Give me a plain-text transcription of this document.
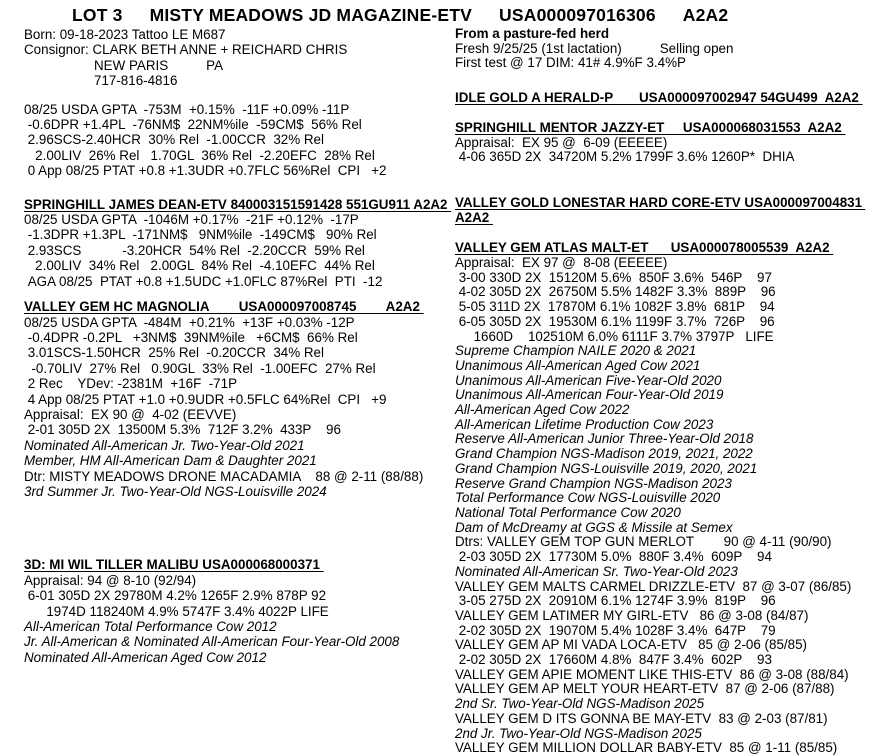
LOT 3 MISTY MEADOWS JD MAGAZINE-ETV USA000097016306 A2A2
Born: 09-18-2023 Tattoo LE M687
Consignor: CLARK BETH ANNE + REICHARD CHRIS
NEW PARIS	PA
717-816-4816
08/25 USDA GPTA  -753M  +0.15%  -11F +0.09% -11P
-0.6DPR +1.4PL  -76NM$  22NM%ile  -59CM$  56% Rel
2.96SCS-2.40HCR  30% Rel  -1.00CCR  32% Rel
2.00LIV  26% Rel   1.70GL  36% Rel  -2.20EFC  28% Rel
0 App 08/25 PTAT +0.8 +1.3UDR +0.7FLC 56%Rel  CPI   +2
SPRINGHILL JAMES DEAN-ETV 840003151591428 551GU911 A2A2
08/25 USDA GPTA  -1046M +0.17%  -21F +0.12%  -17P
-1.3DPR +1.3PL  -171NM$   9NM%ile  -149CM$   90% Rel
2.93SCS           -3.20HCR  54% Rel  -2.20CCR  59% Rel
2.00LIV  34% Rel   2.00GL  84% Rel  -4.10EFC  44% Rel
AGA 08/25  PTAT +0.8 +1.5UDC +1.0FLC 87%Rel  PTI  -12
VALLEY GEM HC MAGNOLIA        USA000097008745        A2A2
08/25 USDA GPTA  -484M  +0.21%  +13F +0.03% -12P
-0.4DPR -0.2PL   +3NM$  39NM%ile   +6CM$  66% Rel
3.01SCS-1.50HCR  25% Rel  -0.20CCR  34% Rel
-0.70LIV  27% Rel   0.90GL  33% Rel  -1.00EFC  27% Rel
2 Rec    YDev: -2381M  +16F  -71P
4 App 08/25 PTAT +1.0 +0.9UDR +0.5FLC 64%Rel  CPI   +9
Appraisal:  EX 90 @  4-02 (EEVVE)
2-01 305D 2X  13500M 5.3%  712F 3.2%  433P    96
Nominated All-American Jr. Two-Year-Old 2021
Member, HM All-American Dam & Daughter 2021
Dtr: MISTY MEADOWS DRONE MACADAMIA    88 @ 2-11 (88/88)
3rd Summer Jr. Two-Year-Old NGS-Louisville 2024
3D: MI WIL TILLER MALIBU USA000068000371
Appraisal: 94 @ 8-10 (92/94)
6-01 305D 2X 29780M 4.2% 1265F 2.9% 878P 92
1974D 118240M 4.9% 5747F 3.4% 4022P LIFE
All-American Total Performance Cow 2012
Jr. All-American & Nominated All-American Four-Year-Old 2008
Nominated All-American Aged Cow 2012
From a pasture-fed herd
Fresh 9/25/25 (1st lactation)	Selling open
First test @ 17 DIM: 41# 4.9%F 3.4%P
IDLE GOLD A HERALD-P       USA000097002947 54GU499  A2A2
SPRINGHILL MENTOR JAZZY-ET     USA000068031553  A2A2
Appraisal:  EX 95 @  6-09 (EEEEE)
4-06 365D 2X  34720M 5.2% 1799F 3.6% 1260P*  DHIA
VALLEY GOLD LONESTAR HARD CORE-ETV USA000097004831 A2A2
VALLEY GEM ATLAS MALT-ET      USA000078005539  A2A2
Appraisal:  EX 97 @  8-08 (EEEEE)
3-00 330D 2X  15120M 5.6%  850F 3.6%  546P    97
4-02 305D 2X  26750M 5.5% 1482F 3.3%  889P    96
5-05 311D 2X  17870M 6.1% 1082F 3.8%  681P    94
6-05 305D 2X  19530M 6.1% 1199F 3.7%  726P    96
1660D    102510M 6.0% 6111F 3.7% 3797P   LIFE
Supreme Champion NAILE 2020 & 2021
Unanimous All-American Aged Cow 2021
Unanimous All-American Five-Year-Old 2020
Unanimous All-American Four-Year-Old 2019
All-American Aged Cow 2022
All-American Lifetime Production Cow 2023
Reserve All-American Junior Three-Year-Old 2018
Grand Champion NGS-Madison 2019, 2021, 2022
Grand Champion NGS-Louisville 2019, 2020, 2021
Reserve Grand Champion NGS-Madison 2023
Total Performance Cow NGS-Louisville 2020
National Total Performance Cow 2020
Dam of McDreamy at GGS & Missile at Semex
Dtrs: VALLEY GEM TOP GUN MERLOT        90 @ 4-11 (90/90)
2-03 305D 2X  17730M 5.0%  880F 3.4%  609P    94
Nominated All-American Sr. Two-Year-Old 2023
VALLEY GEM MALTS CARMEL DRIZZLE-ETV  87 @ 3-07 (86/85)
3-05 275D 2X  20910M 6.1% 1274F 3.9%  819P    96
VALLEY GEM LATIMER MY GIRL-ETV   86 @ 3-08 (84/87)
2-02 305D 2X  19070M 5.4% 1028F 3.4%  647P    79
VALLEY GEM AP MI VADA LOCA-ETV   85 @ 2-06 (85/85)
2-02 305D 2X  17660M 4.8%  847F 3.4%  602P    93
VALLEY GEM APIE MOMENT LIKE THIS-ETV  86 @ 3-08 (88/84)
VALLEY GEM AP MELT YOUR HEART-ETV  87 @ 2-06 (87/88)
2nd Sr. Two-Year-Old NGS-Madison 2025
VALLEY GEM D ITS GONNA BE MAY-ETV  83 @ 2-03 (87/81)
2nd Jr. Two-Year-Old NGS-Madison 2025
VALLEY GEM MILLION DOLLAR BABY-ETV  85 @ 1-11 (85/85)
